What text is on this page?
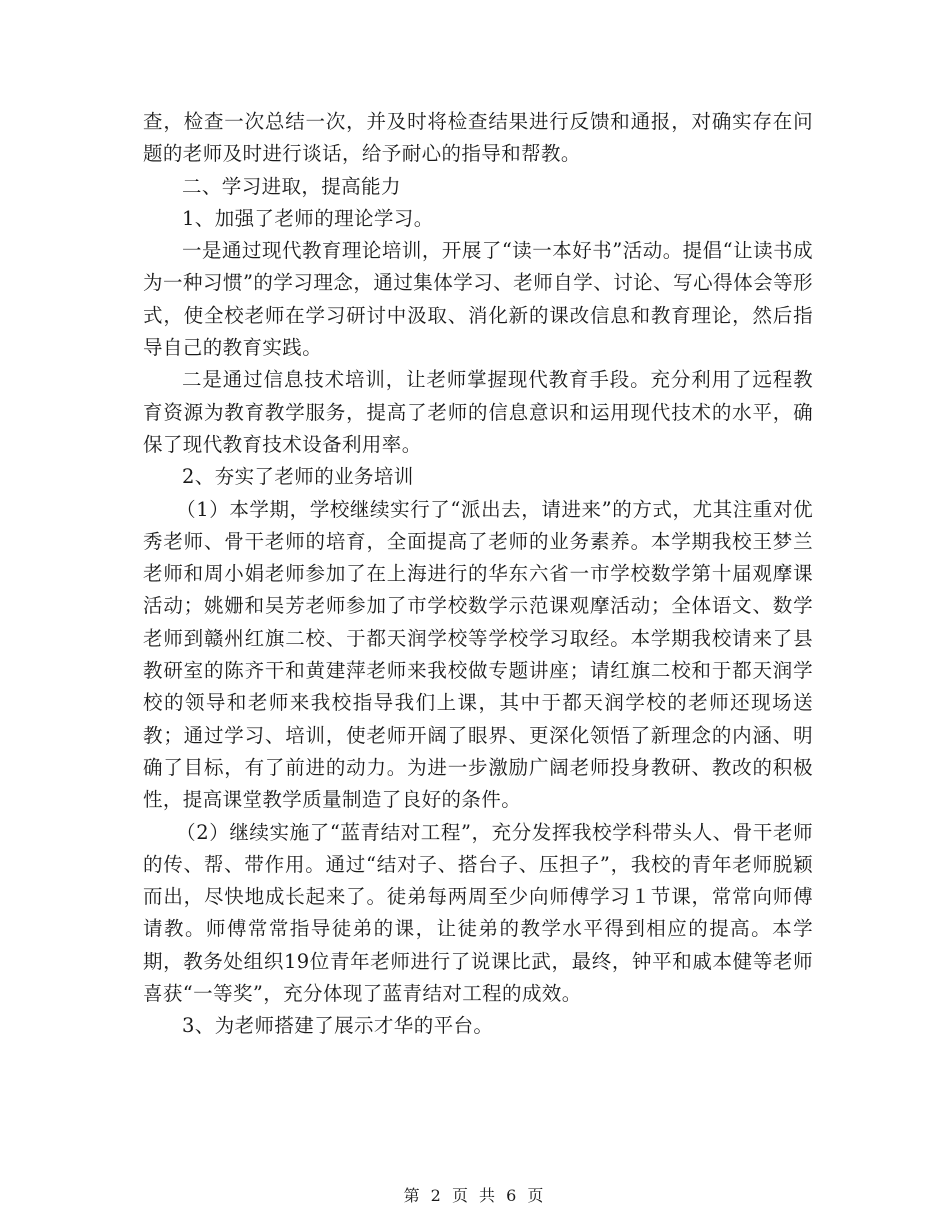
查，检查一次总结一次，并及时将检查结果进行反馈和通报，对确实存在问题的老师及时进行谈话，给予耐心的指导和帮教。

二、学习进取，提高能力

1、加强了老师的理论学习。

一是通过现代教育理论培训，开展了“读一本好书”活动。提倡“让读书成为一种习惯”的学习理念，通过集体学习、老师自学、讨论、写心得体会等形式，使全校老师在学习研讨中汲取、消化新的课改信息和教育理论，然后指导自己的教育实践。

二是通过信息技术培训，让老师掌握现代教育手段。充分利用了远程教育资源为教育教学服务，提高了老师的信息意识和运用现代技术的水平，确保了现代教育技术设备利用率。

2、夯实了老师的业务培训

（1）本学期，学校继续实行了“派出去，请进来”的方式，尤其注重对优秀老师、骨干老师的培育，全面提高了老师的业务素养。本学期我校王梦兰老师和周小娟老师参加了在上海进行的华东六省一市学校数学第十届观摩课活动；姚姗和吴芳老师参加了市学校数学示范课观摩活动；全体语文、数学老师到赣州红旗二校、于都天润学校等学校学习取经。本学期我校请来了县教研室的陈齐干和黄建萍老师来我校做专题讲座；请红旗二校和于都天润学校的领导和老师来我校指导我们上课，其中于都天润学校的老师还现场送教；通过学习、培训，使老师开阔了眼界、更深化领悟了新理念的内涵、明确了目标，有了前进的动力。为进一步激励广阔老师投身教研、教改的积极性，提高课堂教学质量制造了良好的条件。

（2）继续实施了“蓝青结对工程”，充分发挥我校学科带头人、骨干老师的传、帮、带作用。通过“结对子、搭台子、压担子”，我校的青年老师脱颖而出，尽快地成长起来了。徒弟每两周至少向师傅学习１节课，常常向师傅请教。师傅常常指导徒弟的课，让徒弟的教学水平得到相应的提高。本学期，教务处组织19位青年老师进行了说课比武，最终，钟平和戚本健等老师喜获“一等奖”，充分体现了蓝青结对工程的成效。

3、为老师搭建了展示才华的平台。

第 2 页 共 6 页
